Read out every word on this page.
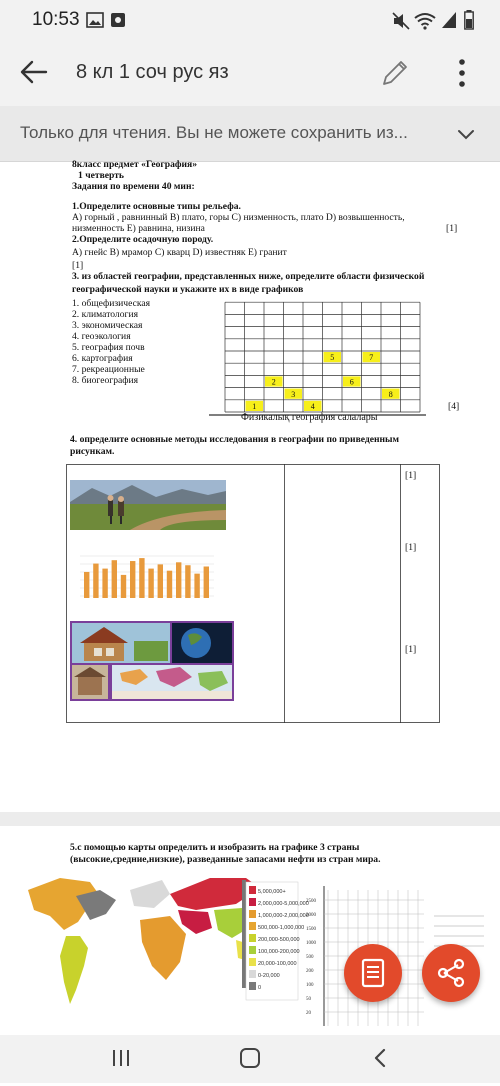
10:53
8 кл 1 соч рус яз
Только для чтения. Вы не можете сохранить из...
8класс предмет «География»
1 четверть
Задания по времени 40 мин:
1.Определите основные типы рельефа.
А) горный , равнинный В) плато, горы С) низменность, плато D) возвышенность,
низменность Е) равнина, низина	[1]
2.Определите осадочную породу.
А) гнейс В) мрамор С) кварц D) известняк Е) гранит
[1]
3. из областей географии, представленных ниже, определите области физической
географической науки и укажите их в виде графиков
1. общефизическая
2. климатология
3. экономическая
4. геоэкология
5. география почв
6. картография
7. рекреационные
8. биогеография
1
2
3
4
5
6
7
8
Физикалық география салалары
[4]
4. определите основные методы исследования в географии по приведенным
рисункам.
[1]
[1]
[1]
5.с помощью карты определить и изобразить на графике 3 страны
(высокие,средние,низкие), разведанные запасами нефти из стран мира.
5,000,000+
2,000,000-5,000,000
1,000,000-2,000,000
500,000-1,000,000
200,000-500,000
100,000-200,000
20,000-100,000
0-20,000
0
2500
2000
1500
1000
500
200
100
50
20
